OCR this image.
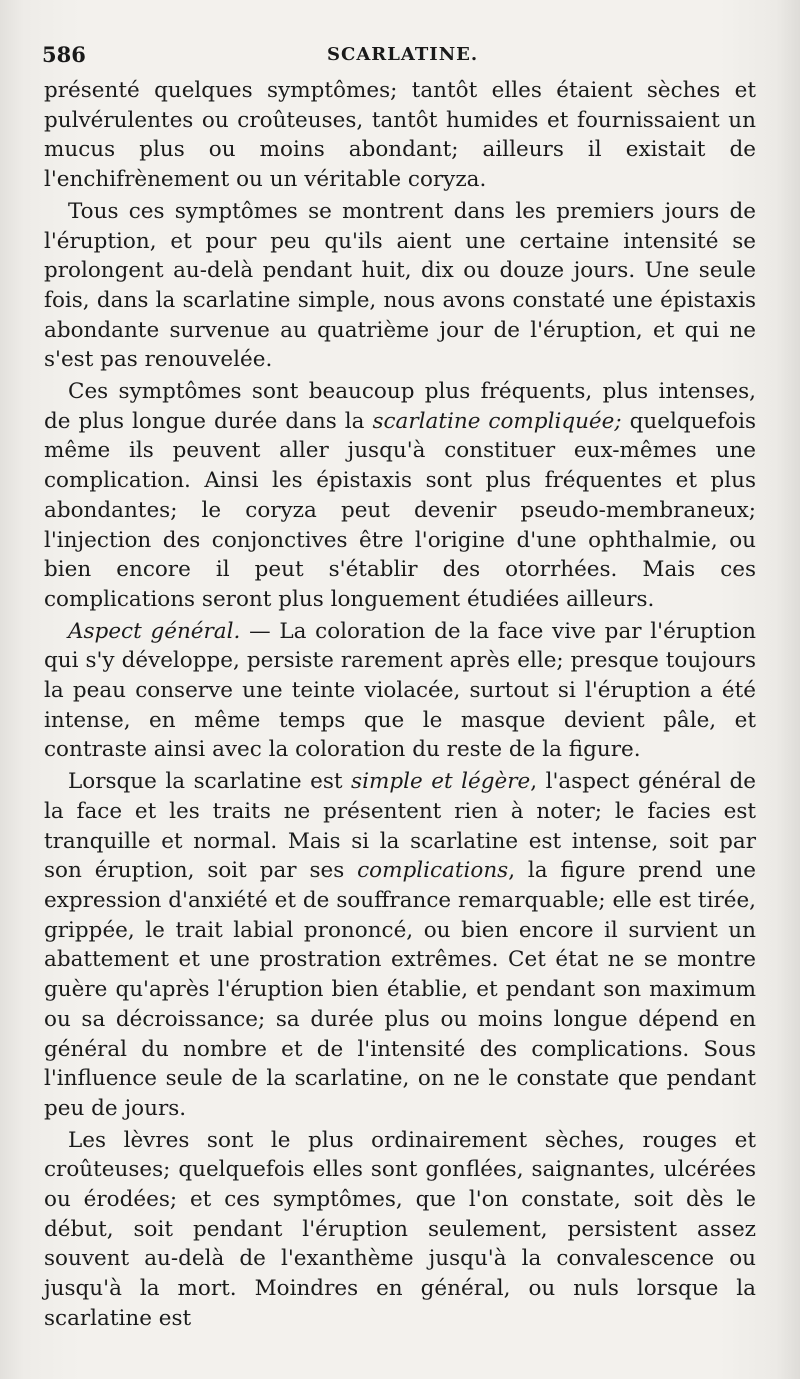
586	SCARLATINE.

présenté quelques symptômes; tantôt elles étaient sèches et pulvérulentes ou croûteuses, tantôt humides et fournissaient un mucus plus ou moins abondant; ailleurs il existait de l'enchifrènement ou un véritable coryza.

Tous ces symptômes se montrent dans les premiers jours de l'éruption, et pour peu qu'ils aient une certaine intensité se prolongent au-delà pendant huit, dix ou douze jours. Une seule fois, dans la scarlatine simple, nous avons constaté une épistaxis abondante survenue au quatrième jour de l'éruption, et qui ne s'est pas renouvelée.

Ces symptômes sont beaucoup plus fréquents, plus intenses, de plus longue durée dans la scarlatine compliquée; quelquefois même ils peuvent aller jusqu'à constituer eux-mêmes une complication. Ainsi les épistaxis sont plus fréquentes et plus abondantes; le coryza peut devenir pseudo-membraneux; l'injection des conjonctives être l'origine d'une ophthalmie, ou bien encore il peut s'établir des otorrhées. Mais ces complications seront plus longuement étudiées ailleurs.

Aspect général. — La coloration de la face vive par l'éruption qui s'y développe, persiste rarement après elle; presque toujours la peau conserve une teinte violacée, surtout si l'éruption a été intense, en même temps que le masque devient pâle, et contraste ainsi avec la coloration du reste de la figure.

Lorsque la scarlatine est simple et légère, l'aspect général de la face et les traits ne présentent rien à noter; le facies est tranquille et normal. Mais si la scarlatine est intense, soit par son éruption, soit par ses complications, la figure prend une expression d'anxiété et de souffrance remarquable; elle est tirée, grippée, le trait labial prononcé, ou bien encore il survient un abattement et une prostration extrêmes. Cet état ne se montre guère qu'après l'éruption bien établie, et pendant son maximum ou sa décroissance; sa durée plus ou moins longue dépend en général du nombre et de l'intensité des complications. Sous l'influence seule de la scarlatine, on ne le constate que pendant peu de jours.

Les lèvres sont le plus ordinairement sèches, rouges et croûteuses; quelquefois elles sont gonflées, saignantes, ulcérées ou érodées; et ces symptômes, que l'on constate, soit dès le début, soit pendant l'éruption seulement, persistent assez souvent au-delà de l'exanthème jusqu'à la convalescence ou jusqu'à la mort. Moindres en général, ou nuls lorsque la scarlatine est
